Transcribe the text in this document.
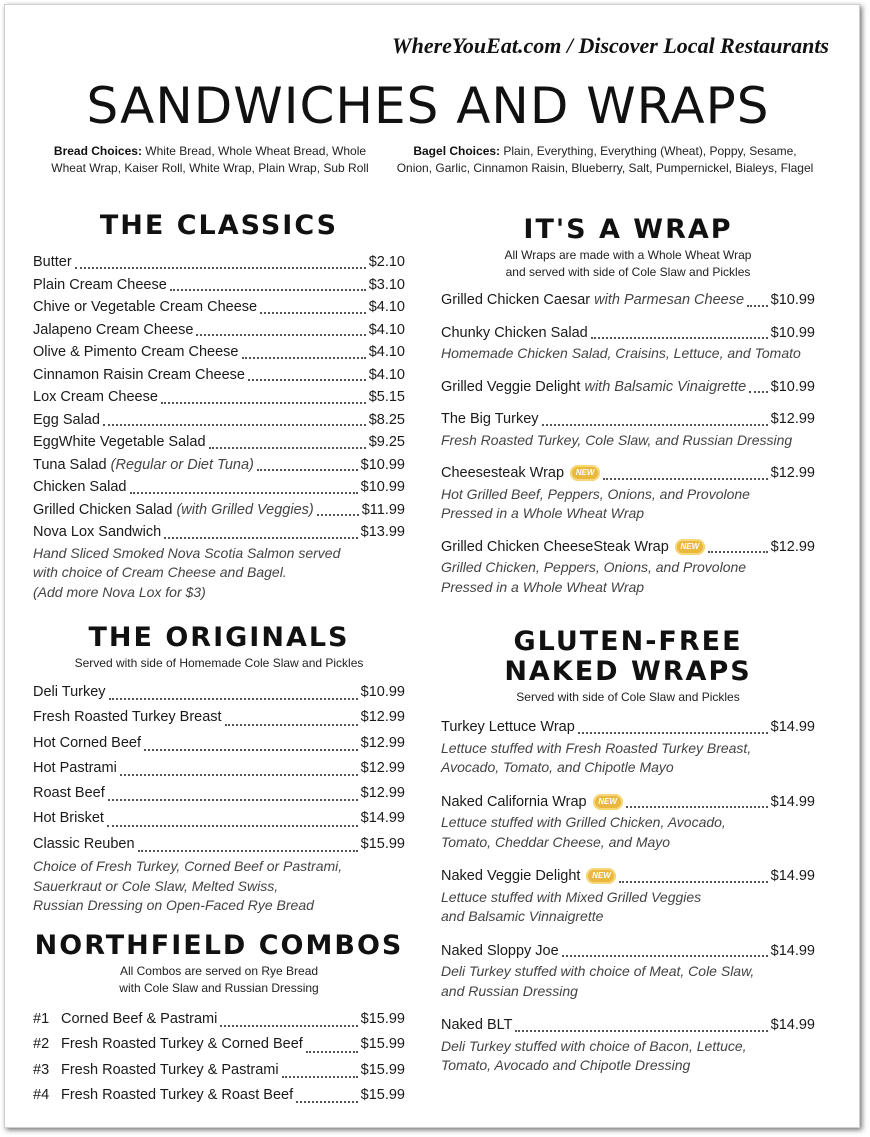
WhereYouEat.com / Discover Local Restaurants
SANDWICHES AND WRAPS
Bread Choices: White Bread, Whole Wheat Bread, Whole
Wheat Wrap, Kaiser Roll, White Wrap, Plain Wrap, Sub Roll
Bagel Choices: Plain, Everything, Everything (Wheat), Poppy, Sesame,
Onion, Garlic, Cinnamon Raisin, Blueberry, Salt, Pumpernickel, Bialeys, Flagel
THE CLASSICS
Butter	$2.10
Plain Cream Cheese	$3.10
Chive or Vegetable Cream Cheese	$4.10
Jalapeno Cream Cheese	$4.10
Olive & Pimento Cream Cheese	$4.10
Cinnamon Raisin Cream Cheese	$4.10
Lox Cream Cheese	$5.15
Egg Salad	$8.25
EggWhite Vegetable Salad	$9.25
Tuna Salad (Regular or Diet Tuna)	$10.99
Chicken Salad	$10.99
Grilled Chicken Salad (with Grilled Veggies)	$11.99
Nova Lox Sandwich	$13.99
Hand Sliced Smoked Nova Scotia Salmon served
with choice of Cream Cheese and Bagel.
(Add more Nova Lox for $3)
THE ORIGINALS
Served with side of Homemade Cole Slaw and Pickles
Deli Turkey	$10.99
Fresh Roasted Turkey Breast	$12.99
Hot Corned Beef	$12.99
Hot Pastrami	$12.99
Roast Beef	$12.99
Hot Brisket	$14.99
Classic Reuben	$15.99
Choice of Fresh Turkey, Corned Beef or Pastrami,
Sauerkraut or Cole Slaw, Melted Swiss,
Russian Dressing on Open-Faced Rye Bread
NORTHFIELD COMBOS
All Combos are served on Rye Bread
with Cole Slaw and Russian Dressing
#1 Corned Beef & Pastrami	$15.99
#2 Fresh Roasted Turkey & Corned Beef	$15.99
#3 Fresh Roasted Turkey & Pastrami	$15.99
#4 Fresh Roasted Turkey & Roast Beef	$15.99
IT'S A WRAP
All Wraps are made with a Whole Wheat Wrap
and served with side of Cole Slaw and Pickles
Grilled Chicken Caesar with Parmesan Cheese $10.99
Chunky Chicken Salad	$10.99
Homemade Chicken Salad, Craisins, Lettuce, and Tomato
Grilled Veggie Delight with Balsamic Vinaigrette $10.99
The Big Turkey	$12.99
Fresh Roasted Turkey, Cole Slaw, and Russian Dressing
Cheesesteak Wrap NEW	$12.99
Hot Grilled Beef, Peppers, Onions, and Provolone
Pressed in a Whole Wheat Wrap
Grilled Chicken CheeseSteak Wrap NEW	$12.99
Grilled Chicken, Peppers, Onions, and Provolone
Pressed in a Whole Wheat Wrap
GLUTEN-FREE
NAKED WRAPS
Served with side of Cole Slaw and Pickles
Turkey Lettuce Wrap	$14.99
Lettuce stuffed with Fresh Roasted Turkey Breast,
Avocado, Tomato, and Chipotle Mayo
Naked California Wrap NEW	$14.99
Lettuce stuffed with Grilled Chicken, Avocado,
Tomato, Cheddar Cheese, and Mayo
Naked Veggie Delight NEW	$14.99
Lettuce stuffed with Mixed Grilled Veggies
and Balsamic Vinnaigrette
Naked Sloppy Joe	$14.99
Deli Turkey stuffed with choice of Meat, Cole Slaw,
and Russian Dressing
Naked BLT	$14.99
Deli Turkey stuffed with choice of Bacon, Lettuce,
Tomato, Avocado and Chipotle Dressing
